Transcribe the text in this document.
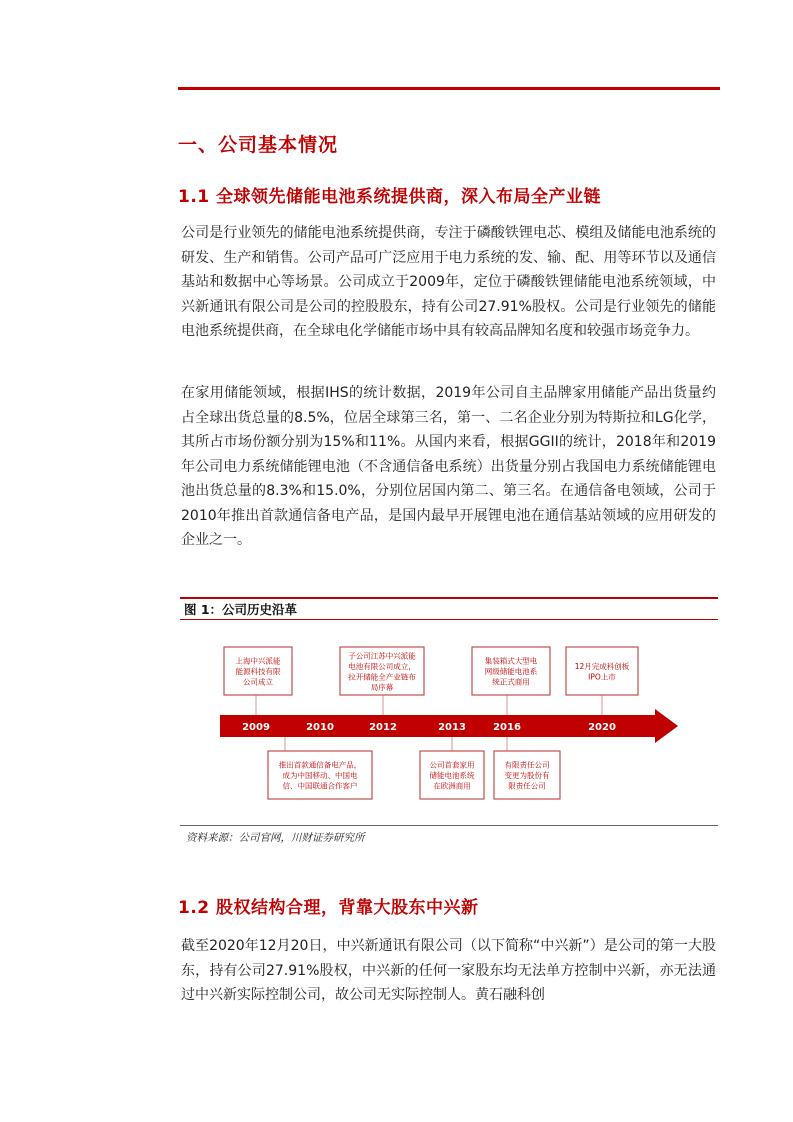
一、公司基本情况
1.1 全球领先储能电池系统提供商，深入布局全产业链

公司是行业领先的储能电池系统提供商，专注于磷酸铁锂电芯、模组及储能电池系统的研发、生产和销售。公司产品可广泛应用于电力系统的发、输、配、用等环节以及通信基站和数据中心等场景。公司成立于2009年，定位于磷酸铁锂储能电池系统领域，中兴新通讯有限公司是公司的控股股东，持有公司27.91%股权。公司是行业领先的储能电池系统提供商，在全球电化学储能市场中具有较高品牌知名度和较强市场竞争力。

在家用储能领域，根据IHS的统计数据，2019年公司自主品牌家用储能产品出货量约占全球出货总量的8.5%，位居全球第三名，第一、二名企业分别为特斯拉和LG化学，其所占市场份额分别为15%和11%。从国内来看，根据GGII的统计，2018年和2019年公司电力系统储能锂电池（不含通信备电系统）出货量分别占我国电力系统储能锂电池出货总量的8.3%和15.0%，分别位居国内第二、第三名。在通信备电领域，公司于2010年推出首款通信备电产品，是国内最早开展锂电池在通信基站领域的应用研发的企业之一。

图 1：公司历史沿革
2009	2010	2012	2013	2016	2020
上海中兴派能
能源科技有限
公司成立
子公司江苏中兴派能
电池有限公司成立，
拉开储能全产业链布
局序幕
集装箱式大型电
网级储能电池系
统正式商用
12月完成科创板
IPO上市
推出首款通信备电产品，
成为中国移动、中国电
信、中国联通合作客户
公司首套家用
储能电池系统
在欧洲商用
有限责任公司
变更为股份有
限责任公司
资料来源：公司官网，川财证券研究所
1.2 股权结构合理，背靠大股东中兴新

截至2020年12月20日，中兴新通讯有限公司（以下简称“中兴新”）是公司的第一大股东，持有公司27.91%股权，中兴新的任何一家股东均无法单方控制中兴新，亦无法通过中兴新实际控制公司，故公司无实际控制人。黄石融科创
